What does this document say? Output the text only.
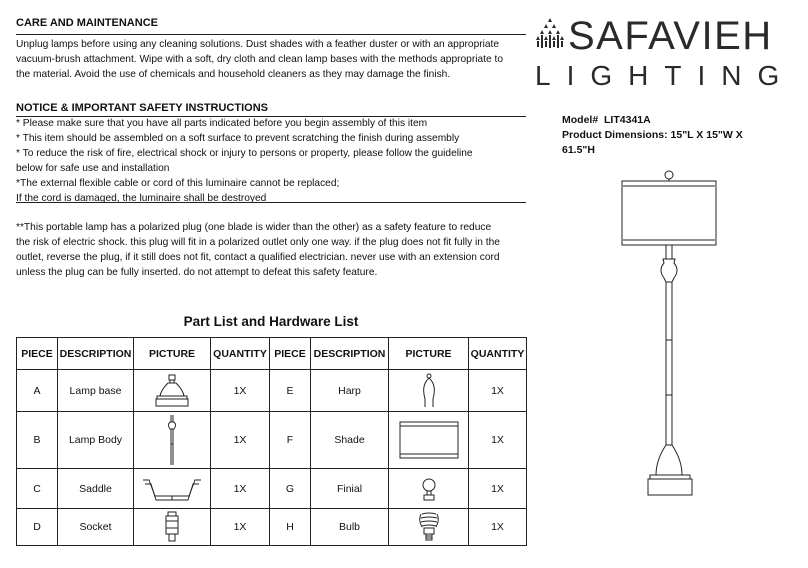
CARE AND MAINTENANCE
Unplug lamps before using any cleaning solutions. Dust shades with a feather duster or with an appropriate
vacuum-brush attachment. Wipe with a soft, dry cloth and clean lamp bases with the methods appropriate to
the material. Avoid the use of chemicals and household cleaners as they may damage the finish.
NOTICE & IMPORTANT SAFETY INSTRUCTIONS
* Please make sure that you have all parts indicated before you begin assembly of this item
* This item should be assembled on a soft surface to prevent scratching the finish during assembly
* To reduce the risk of fire, electrical shock or injury to persons or property, please follow the guideline
below for safe use and installation
*The external flexible cable or cord of this luminaire cannot be replaced;
If the cord is damaged, the luminaire shall be destroyed
**This portable lamp has a polarized plug (one blade is wider than the other) as a safety feature to reduce
the risk of electric shock. this plug will fit in a polarized outlet only one way. if the plug does not fit fully in the
outlet, reverse the plug, if it still does not fit, contact a qualified electrician. never use with an extension cord
unless the plug can be fully inserted. do not attempt to defeat this safety feature.
SAFAVIEH
LIGHTING
Model# LIT4341A
Product Dimensions: 15"L X 15"W X
61.5"H
Part List and Hardware List
PIECE	DESCRIPTION	PICTURE	QUANTITY	PIECE	DESCRIPTION	PICTURE	QUANTITY
A	Lamp base		1X	E	Harp		1X
B	Lamp Body		1X	F	Shade		1X
C	Saddle		1X	G	Finial		1X
D	Socket		1X	H	Bulb		1X
